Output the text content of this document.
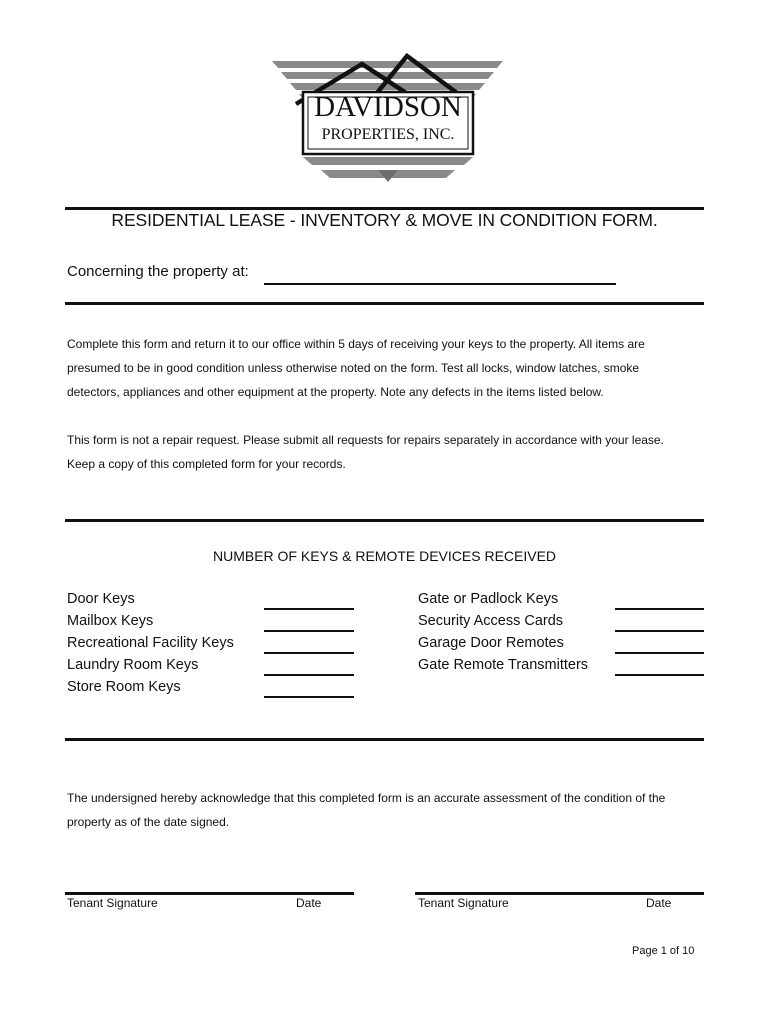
DAVIDSON
PROPERTIES, INC.
RESIDENTIAL LEASE - INVENTORY & MOVE IN CONDITION FORM.
Concerning the property at:
Complete this form and return it to our office within 5 days of receiving your keys to the property. All items are
presumed to be in good condition unless otherwise noted on the form. Test all locks, window latches, smoke
detectors, appliances and other equipment at the property. Note any defects in the items listed below.
This form is not a repair request. Please submit all requests for repairs separately in accordance with your lease.
Keep a copy of this completed form for your records.
NUMBER OF KEYS & REMOTE DEVICES RECEIVED
Door Keys
Mailbox Keys
Recreational Facility Keys
Laundry Room Keys
Store Room Keys
Gate or Padlock Keys
Security Access Cards
Garage Door Remotes
Gate Remote Transmitters
The undersigned hereby acknowledge that this completed form is an accurate assessment of the condition of the
property as of the date signed.
Tenant Signature	Date	Tenant Signature	Date
Page 1 of 10
